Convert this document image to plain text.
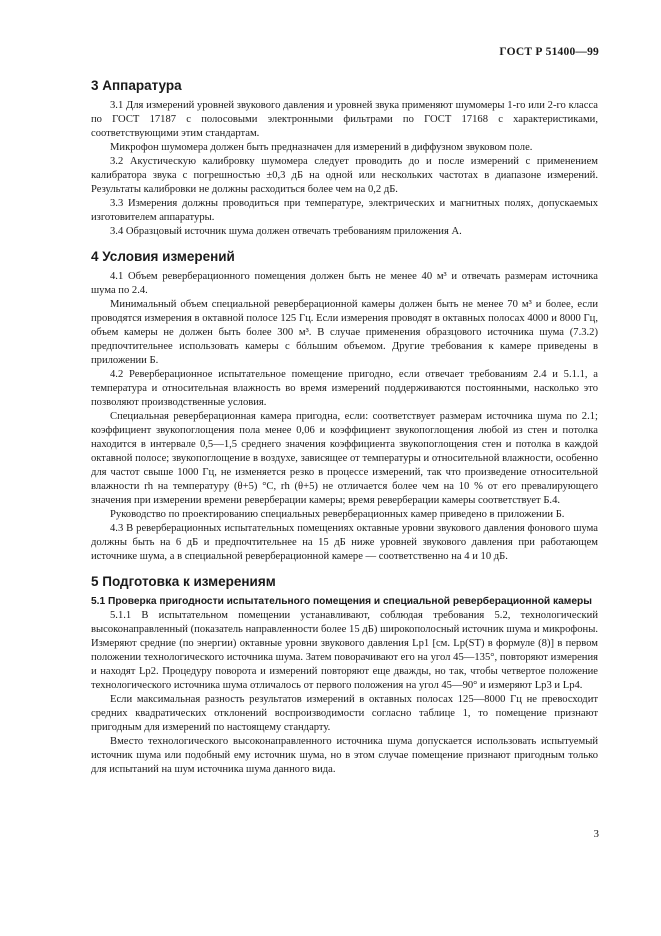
ГОСТ Р 51400—99
3 Аппаратура

3.1 Для измерений уровней звукового давления и уровней звука применяют шумомеры 1-го или 2-го класса по ГОСТ 17187 с полосовыми электронными фильтрами по ГОСТ 17168 с характеристиками, соответствующими этим стандартам.

Микрофон шумомера должен быть предназначен для измерений в диффузном звуковом поле.

3.2 Акустическую калибровку шумомера следует проводить до и после измерений с применением калибратора звука с погрешностью ±0,3 дБ на одной или нескольких частотах в диапазоне измерений. Результаты калибровки не должны расходиться более чем на 0,2 дБ.

3.3 Измерения должны проводиться при температуре, электрических и магнитных полях, допускаемых изготовителем аппаратуры.

3.4 Образцовый источник шума должен отвечать требованиям приложения А.

4 Условия измерений

4.1 Объем реверберационного помещения должен быть не менее 40 м³ и отвечать размерам источника шума по 2.4.

Минимальный объем специальной реверберационной камеры должен быть не менее 70 м³ и более, если проводятся измерения в октавной полосе 125 Гц. Если измерения проводят в октавных полосах 4000 и 8000 Гц, объем камеры не должен быть более 300 м³. В случае применения образцового источника шума (7.3.2) предпочтительнее использовать камеры с бóльшим объемом. Другие требования к камере приведены в приложении Б.

4.2 Реверберационное испытательное помещение пригодно, если отвечает требованиям 2.4 и 5.1.1, а температура и относительная влажность во время измерений поддерживаются постоянными, насколько это позволяют производственные условия.

Специальная реверберационная камера пригодна, если: соответствует размерам источника шума по 2.1; коэффициент звукопоглощения пола менее 0,06 и коэффициент звукопоглощения любой из стен и потолка находится в интервале 0,5—1,5 среднего значения коэффициента звукопоглощения стен и потолка в каждой октавной полосе; звукопоглощение в воздухе, зависящее от температуры и относительной влажности, особенно для частот свыше 1000 Гц, не изменяется резко в процессе измерений, так что произведение относительной влажности rh на температуру (θ+5) °С, rh (θ+5) не отличается более чем на 10 % от его превалирующего значения при измерении времени реверберации камеры; время реверберации камеры соответствует Б.4.

Руководство по проектированию специальных реверберационных камер приведено в приложении Б.

4.3 В реверберационных испытательных помещениях октавные уровни звукового давления фонового шума должны быть на 6 дБ и предпочтительнее на 15 дБ ниже уровней звукового давления при работающем источнике шума, а в специальной реверберационной камере — соответственно на 4 и 10 дБ.

5 Подготовка к измерениям
5.1 Проверка пригодности испытательного помещения и специальной реверберационной камеры

5.1.1 В испытательном помещении устанавливают, соблюдая требования 5.2, технологический высоконаправленный (показатель направленности более 15 дБ) широкополосный источник шума и микрофоны. Измеряют средние (по энергии) октавные уровни звукового давления Lp1 [см. Lp(ST) в формуле (8)] в первом положении технологического источника шума. Затем поворачивают его на угол 45—135°, повторяют измерения и находят Lp2. Процедуру поворота и измерений повторяют еще дважды, но так, чтобы четвертое положение технологического источника шума отличалось от первого положения на угол 45—90° и измеряют Lp3 и Lp4.

Если максимальная разность результатов измерений в октавных полосах 125—8000 Гц не превосходит средних квадратических отклонений воспроизводимости согласно таблице 1, то помещение признают пригодным для измерений по настоящему стандарту.

Вместо технологического высоконаправленного источника шума допускается использовать испытуемый источник шума или подобный ему источник шума, но в этом случае помещение признают пригодным только для испытаний на шум источника шума данного вида.

3
